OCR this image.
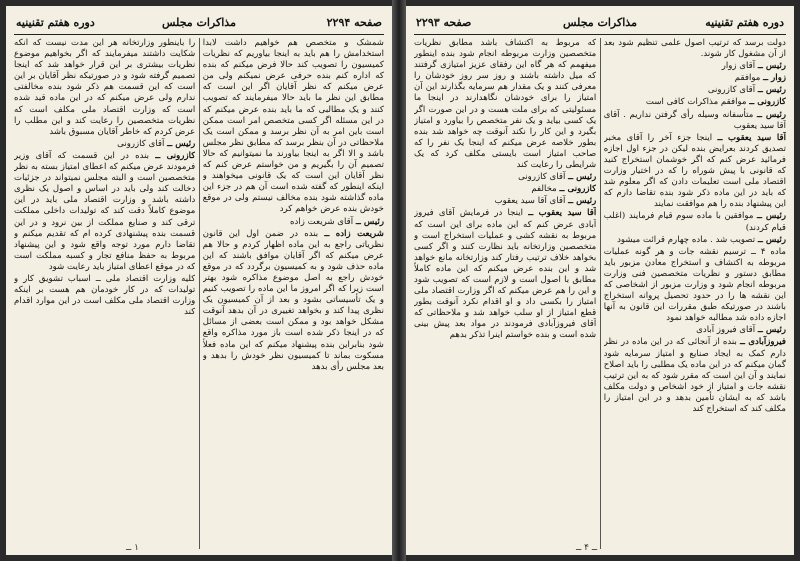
صفحه ۲۲۹۴
مذاکرات مجلس
دوره هفتم تقنینیه

شمشک و متخصص هم خواهیم داشت لابدا استخدامش را هم باید به اینجا بیاوریم که نظریات کمیسیون را تصویب کند حالا فرض میکنم که بنده که اداره کنم بنده حرفی عرض نمیکنم ولی من عرض میکنم که نظر آقایان اگر این است که مطابق این نظر ما باید حالا میفرمایند که تصویب کنند و یک مطالبی که ما باید بنده عرض میکنم که در این مسئله اگر کسی متخصص امر است ممکن است باین امر به آن نظر برسد و ممکن است یک ملاحظاتی در آن بنظر برسد که مطابق نظر مجلس باشد و الا اگر به اینجا بیاورند ما نمیتوانیم که حالا تصمیم آن را بگیریم و من خواستم عرض کنم که نظر آقایان این است که یک قانونی میخواهند و اینکه اینطور که گفته شده است آن هم در جزء این ماده گذاشته شود بنده مخالف نیستم ولی در موقع خودش بنده عرض خواهم کرد

رئیس ــ آقای شریعت زاده

شریعت زاده ــ بنده در ضمن اول این قانون نظریاتی راجع به این ماده اظهار کردم و حالا هم عرض میکنم که اگر آقایان موافق باشند که این ماده حذف شود و به کمیسیون برگردد که در موقع خودش راجع به اصل موضوع مذاکره شود بهتر است زیرا که اگر امروز ما این ماده را تصویب کنیم و یک تأسیساتی بشود و بعد از آن کمیسیون یک نظری پیدا کند و بخواهد تغییری در آن بدهد آنوقت مشکل خواهد بود و ممکن است بعضی از مسائل که در اینجا ذکر شده است باز مورد مذاکره واقع شود بنابراین بنده پیشنهاد میکنم که این ماده فعلاً مسکوت بماند تا کمیسیون نظر خودش را بدهد و بعد مجلس رأی بدهد

را باینطور وزارتخانه هر این مدت نیست که آنکه شکایت داشتند میفرمایند که اگر بخواهیم موضوع نظریات بیشتری بر این قرار خواهد شد که اینجا تصمیم گرفته شود و در صورتیکه نظر آقایان بر این است که این قسمت هم ذکر شود بنده مخالفتی ندارم ولی عرض میکنم که در این ماده قید شده است که وزارت اقتصاد ملی مکلف است که نظریات متخصصین را رعایت کند و این مطلب را عرض کردم که خاطر آقایان مسبوق باشد

رئیس ــ آقای کازرونی

کازرونی ــ بنده در این قسمت که آقای وزیر فرمودند عرض میکنم که اعطای امتیاز بسته به نظر متخصصین است و البته مجلس نمیتواند در جزئیات دخالت کند ولی باید در اساس و اصول یک نظری داشته باشد و وزارت اقتصاد ملی باید در این موضوع کاملاً دقت کند که تولیدات داخلی مملکت ترقی کند و صنایع مملکت از بین نرود و در این قسمت بنده پیشنهادی کرده ام که تقدیم میکنم و تقاضا دارم مورد توجه واقع شود و این پیشنهاد مربوط به حفظ منافع تجار و کسبه مملکت است که در موقع اعطای امتیاز باید رعایت شود

کلیه وزارت اقتصاد ملی ــ اسباب تشویق کار و تولیدات که در کار خودمان هم هست بر اینکه وزارت اقتصاد ملی مکلف است در این موارد اقدام کند

۱ ــ
صفحه ۲۲۹۳	مذاکرات مجلس	دوره هفتم تقنینیه

دولت برسد که ترتیب اصول علمی تنظیم شود بعد از آن مشغول کار شوند.

رئیس ــ آقای زوار

زوار ــ موافقم

رئیس ــ آقای کازرونی

کازرونی ــ موافقم مذاکرات کافی است

رئیس ــ متأسفانه وسیله رأی گرفتن نداریم . آقای آقا سید یعقوب

آقا سید یعقوب ــ اینجا جزء آخر را آقای مخبر تصدیق کردند بعرایض بنده لیکن در جزء اول اجازه فرمائید عرض کنم که اگر خوشمان استخراج کنید که قانونی با پیش شوراه را که در اختیار وزارت اقتصاد ملی است تعلیمات دادن که اگر معلوم شد که باید در این ماده ذکر شود بنده تقاضا دارم که این پیشنهاد بنده را هم موافقت نمایند

رئیس ــ موافقین با ماده سوم قیام فرمایند (اغلب قیام کردند)

رئیس ــ تصویب شد . ماده چهارم قرائت میشود

ماده ۴ ــ ترسیم نقشه جات و هر گونه عملیات مربوطه به اکتشاف و استخراج معادن مزبور باید مطابق دستور و نظریات متخصصین فنی وزارت مربوطه انجام شود و وزارت مزبور از اشخاصی که این نقشه ها را در حدود تحصیل پروانه استخراج باشند در صورتیکه طبق مقررات این قانون به آنها اجازه داده شد مطالبه خواهد نمود

رئیس ــ آقای فیروز آبادی

فیروزآبادی ــ بنده از آنجائی که در این ماده در نظر دارم کمک به ایجاد صنایع و امتیاز سرمایه شود گمان میکنم که در این ماده یک مطلبی را باید اصلاح نمایند و آن این است که مقرر شود که به این ترتیب نقشه جات و امتیاز از خود اشخاص و دولت مکلف باشد که به ایشان تأمین بدهد و در این امتیاز را مکلف کند که استخراج کند

که مربوط به اکتشاف باشد مطابق نظریات متخصصین وزارت مربوطه انجام شود بنده اینطور میفهمم که هر گاه این رفقای عزیز امتیازی گرفتند که میل داشته باشند و روز سر روز خودشان را معرفی کنند و یک مقدار هم سرمایه بگذارند این آن امتیاز را برای خودشان نگاهدارند در اینجا ما مسئولیتی که برای ملت هست و در این صورت اگر یک کسی بیاید و یک نفر متخصص را بیاورد و امتیاز بگیرد و این کار را نکند آنوقت چه خواهد شد بنده بطور خلاصه عرض میکنم که اینجا یک نفر را که صاحب امتیاز است بایستی مکلف کرد که یک شرایطی را رعایت کند

رئیس ــ آقای کازرونی

کازرونی ــ مخالفم

رئیس ــ آقای آقا سید یعقوب

آقا سید یعقوب ــ اینجا در فرمایش آقای فیروز آبادی عرض کنم که این ماده برای این است که مربوط به نقشه کشی و عملیات استخراج است و متخصصین وزارتخانه باید نظارت کنند و اگر کسی بخواهد خلاف ترتیب رفتار کند وزارتخانه مانع خواهد شد و این بنده عرض میکنم که این ماده کاملاً مطابق با اصول است و لازم است که تصویب شود و این را هم عرض میکنم که اگر وزارت اقتصاد ملی امتیاز را بکسی داد و او اقدام نکرد آنوقت بطور قطع امتیاز از او سلب خواهد شد و ملاحظاتی که آقای فیروزآبادی فرمودند در مواد بعد پیش بینی شده است و بنده خواستم اینرا تذکر بدهم

ــ ۴ ــ
